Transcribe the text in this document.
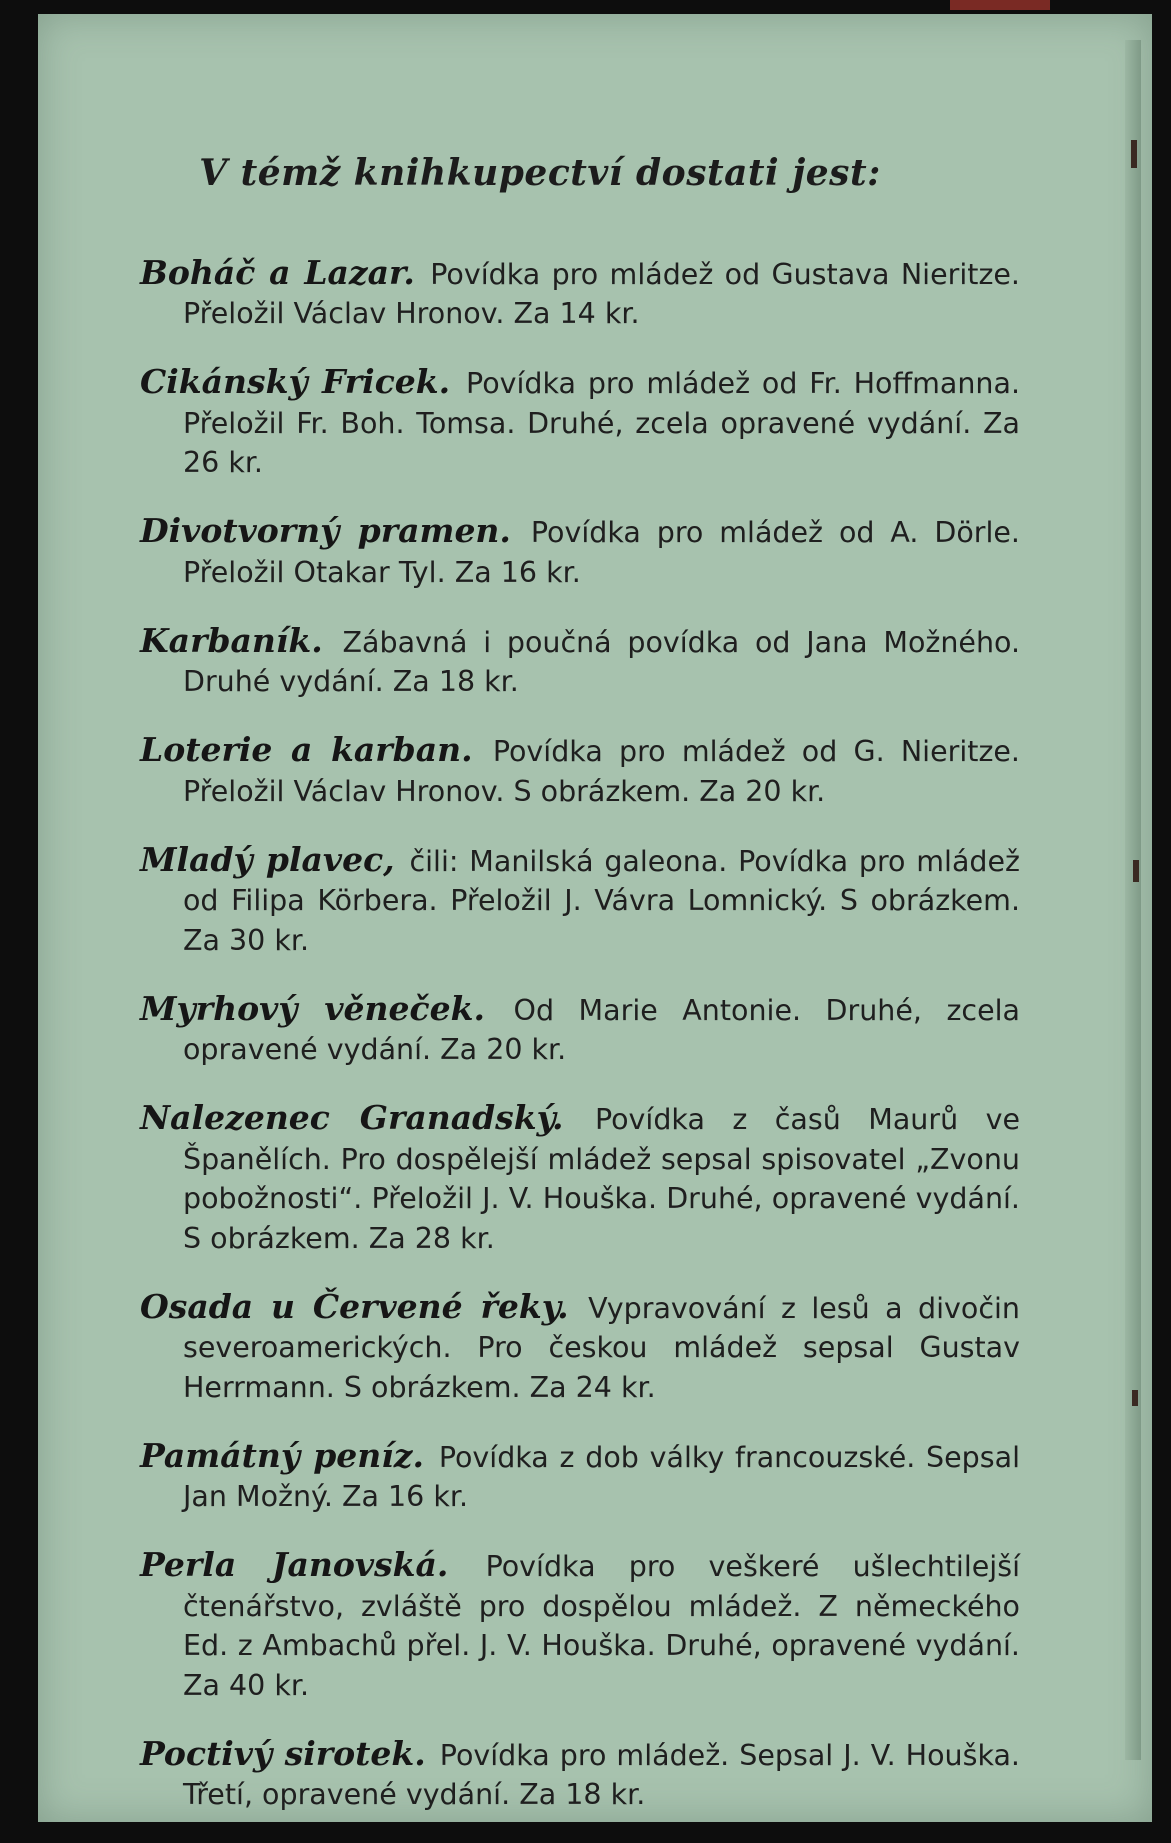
V témž knihkupectví dostati jest:

Boháč a Lazar. Povídka pro mládež od Gustava Nieritze. Přeložil Václav Hronov. Za 14 kr.

Cikánský Fricek. Povídka pro mládež od Fr. Hoffmanna. Přeložil Fr. Boh. Tomsa. Druhé, zcela opravené vydání. Za 26 kr.

Divotvorný pramen. Povídka pro mládež od A. Dörle. Přeložil Otakar Tyl. Za 16 kr.

Karbaník. Zábavná i poučná povídka od Jana Možného. Druhé vydání. Za 18 kr.

Loterie a karban. Povídka pro mládež od G. Nieritze. Přeložil Václav Hronov. S obrázkem. Za 20 kr.

Mladý plavec, čili: Manilská galeona. Povídka pro mládež od Filipa Körbera. Přeložil J. Vávra Lomnický. S obrázkem. Za 30 kr.

Myrhový věneček. Od Marie Antonie. Druhé, zcela opravené vydání. Za 20 kr.

Nalezenec Granadský. Povídka z časů Maurů ve Španělích. Pro dospělejší mládež sepsal spisovatel „Zvonu pobožnosti“. Přeložil J. V. Houška. Druhé, opravené vydání. S obrázkem. Za 28 kr.

Osada u Červené řeky. Vypravování z lesů a divočin severoamerických. Pro českou mládež sepsal Gustav Herrmann. S obrázkem. Za 24 kr.

Památný peníz. Povídka z dob války francouzské. Sepsal Jan Možný. Za 16 kr.

Perla Janovská. Povídka pro veškeré ušlechtilejší čtenářstvo, zvláště pro dospělou mládež. Z německého Ed. z Ambachů přel. J. V. Houška. Druhé, opravené vydání. Za 40 kr.

Poctivý sirotek. Povídka pro mládež. Sepsal J. V. Houška. Třetí, opravené vydání. Za 18 kr.
